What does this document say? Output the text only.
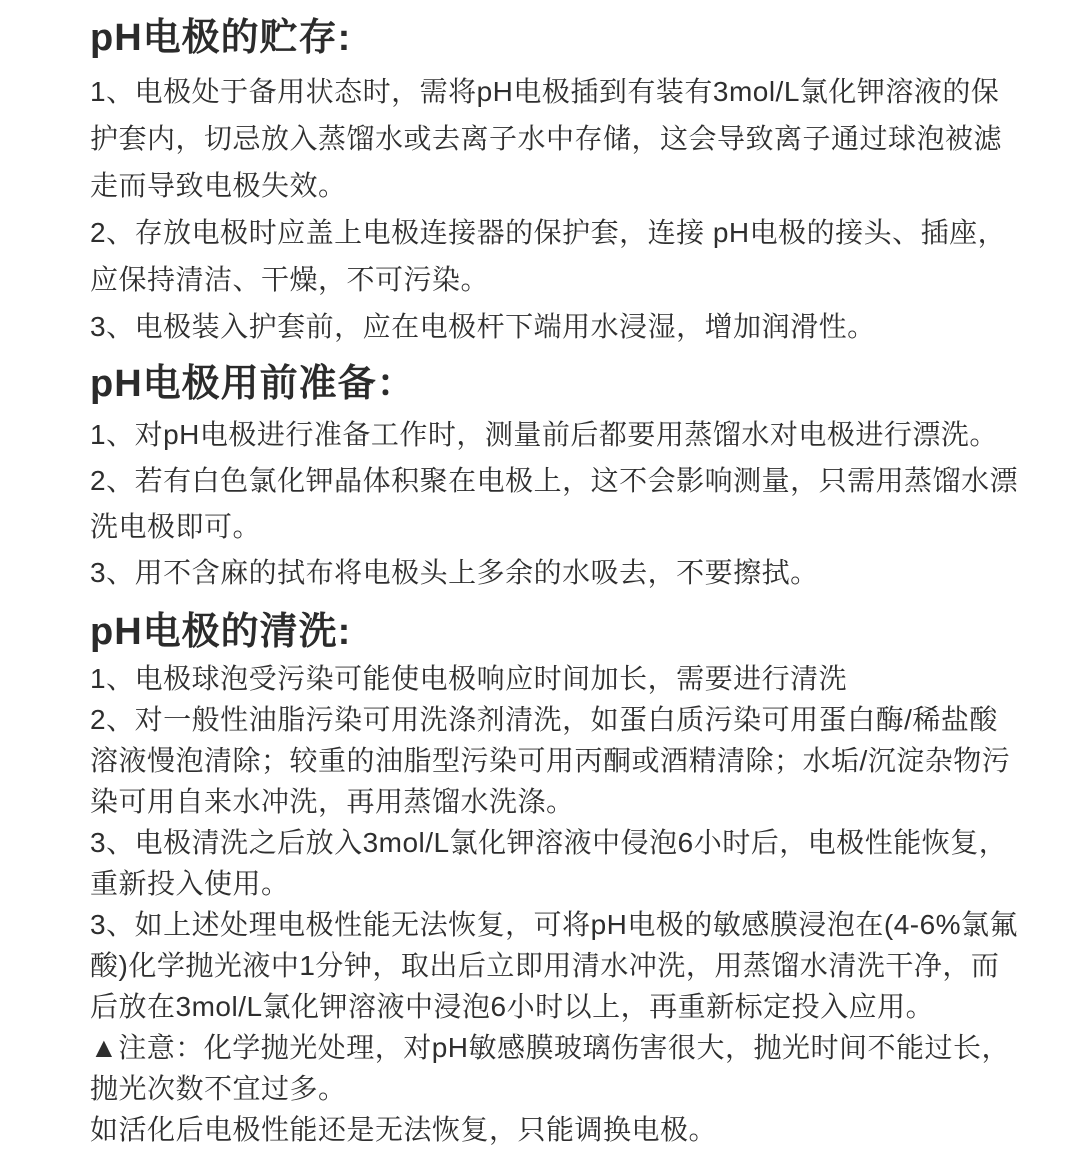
pH电极的贮存:

1、电极处于备用状态时，需将pH电极插到有装有3mol/L氯化钾溶液的保护套内，切忌放入蒸馏水或去离子水中存储，这会导致离子通过球泡被滤走而导致电极失效。

2、存放电极时应盖上电极连接器的保护套，连接 pH电极的接头、插座，应保持清洁、干燥，不可污染。

3、电极装入护套前，应在电极杆下端用水浸湿，增加润滑性。

pH电极用前准备：

1、对pH电极进行准备工作时，测量前后都要用蒸馏水对电极进行漂洗。

2、若有白色氯化钾晶体积聚在电极上，这不会影响测量，只需用蒸馏水漂洗电极即可。

3、用不含麻的拭布将电极头上多余的水吸去，不要擦拭。

pH电极的清洗:

1、电极球泡受污染可能使电极响应时间加长，需要进行清洗

2、对一般性油脂污染可用洗涤剂清洗，如蛋白质污染可用蛋白酶/稀盐酸溶液慢泡清除；较重的油脂型污染可用丙酮或酒精清除；水垢/沉淀杂物污染可用自来水冲洗，再用蒸馏水洗涤。

3、电极清洗之后放入3mol/L氯化钾溶液中侵泡6小时后，电极性能恢复，重新投入使用。

3、如上述处理电极性能无法恢复，可将pH电极的敏感膜浸泡在(4-6%氯氟酸)化学抛光液中1分钟，取出后立即用清水冲洗，用蒸馏水清洗干净，而后放在3mol/L氯化钾溶液中浸泡6小时以上，再重新标定投入应用。

▲注意：化学抛光处理，对pH敏感膜玻璃伤害很大，抛光时间不能过长，抛光次数不宜过多。

如活化后电极性能还是无法恢复，只能调换电极。
